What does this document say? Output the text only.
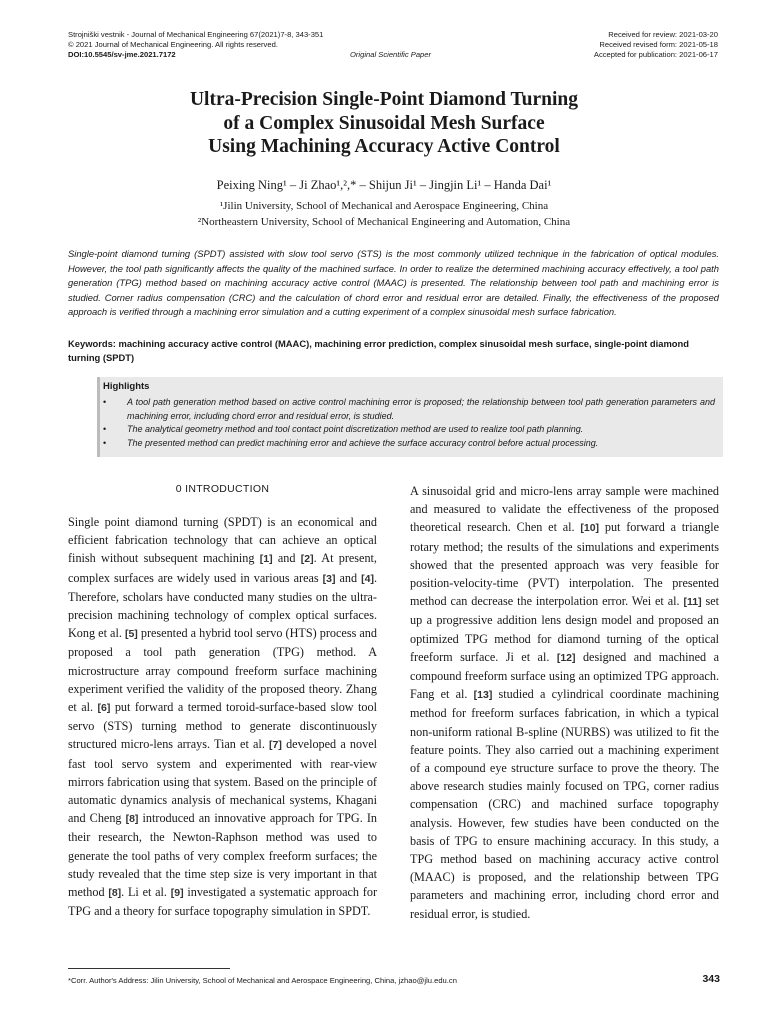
Strojniški vestnik - Journal of Mechanical Engineering 67(2021)7-8, 343-351
© 2021 Journal of Mechanical Engineering. All rights reserved.
DOI:10.5545/sv-jme.2021.7172	Original Scientific Paper
Received for review: 2021-03-20
Received revised form: 2021-05-18
Accepted for publication: 2021-06-17
Ultra-Precision Single-Point Diamond Turning
of a Complex Sinusoidal Mesh Surface
Using Machining Accuracy Active Control
Peixing Ning¹ – Ji Zhao¹,²,* – Shijun Ji¹ – Jingjin Li¹ – Handa Dai¹
¹Jilin University, School of Mechanical and Aerospace Engineering, China
²Northeastern University, School of Mechanical Engineering and Automation, China
Single-point diamond turning (SPDT) assisted with slow tool servo (STS) is the most commonly utilized technique in the fabrication of optical modules. However, the tool path significantly affects the quality of the machined surface. In order to realize the determined machining accuracy effectively, a tool path generation (TPG) method based on machining accuracy active control (MAAC) is presented. The relationship between tool path and machining error is studied. Corner radius compensation (CRC) and the calculation of chord error and residual error are detailed. Finally, the effectiveness of the proposed approach is verified through a machining error simulation and a cutting experiment of a complex sinusoidal mesh surface fabrication.
Keywords: machining accuracy active control (MAAC), machining error prediction, complex sinusoidal mesh surface, single-point diamond turning (SPDT)
Highlights
• A tool path generation method based on active control machining error is proposed; the relationship between tool path generation parameters and machining error, including chord error and residual error, is studied.
• The analytical geometry method and tool contact point discretization method are used to realize tool path planning.
• The presented method can predict machining error and achieve the surface accuracy control before actual processing.
0 INTRODUCTION

Single point diamond turning (SPDT) is an economical and efficient fabrication technology that can achieve an optical finish without subsequent machining [1] and [2]. At present, complex surfaces are widely used in various areas [3] and [4]. Therefore, scholars have conducted many studies on the ultra-precision machining technology of complex optical surfaces. Kong et al. [5] presented a hybrid tool servo (HTS) process and proposed a tool path generation (TPG) method. A microstructure array compound freeform surface machining experiment verified the validity of the proposed theory. Zhang et al. [6] put forward a termed toroid-surface-based slow tool servo (STS) turning method to generate discontinuously structured micro-lens arrays. Tian et al. [7] developed a novel fast tool servo system and experimented with rear-view mirrors fabrication using that system. Based on the principle of automatic dynamics analysis of mechanical systems, Khagani and Cheng [8] introduced an innovative approach for TPG. In their research, the Newton-Raphson method was used to generate the tool paths of very complex freeform surfaces; the study revealed that the time step size is very important in that method [8]. Li et al. [9] investigated a systematic approach for TPG and a theory for surface topography simulation in SPDT.

A sinusoidal grid and micro-lens array sample were machined and measured to validate the effectiveness of the proposed theoretical research. Chen et al. [10] put forward a triangle rotary method; the results of the simulations and experiments showed that the presented approach was very feasible for position-velocity-time (PVT) interpolation. The presented method can decrease the interpolation error. Wei et al. [11] set up a progressive addition lens design model and proposed an optimized TPG method for diamond turning of the optical freeform surface. Ji et al. [12] designed and machined a compound freeform surface using an optimized TPG approach. Fang et al. [13] studied a cylindrical coordinate machining method for freeform surfaces fabrication, in which a typical non-uniform rational B-spline (NURBS) was utilized to fit the feature points. They also carried out a machining experiment of a compound eye structure surface to prove the theory. The above research studies mainly focused on TPG, corner radius compensation (CRC) and machined surface topography analysis. However, few studies have been conducted on the basis of TPG to ensure machining accuracy. In this study, a TPG method based on machining accuracy active control (MAAC) is proposed, and the relationship between TPG parameters and machining error, including chord error and residual error, is studied.

*Corr. Author's Address: Jilin University, School of Mechanical and Aerospace Engineering, China, jzhao@jlu.edu.cn	343
